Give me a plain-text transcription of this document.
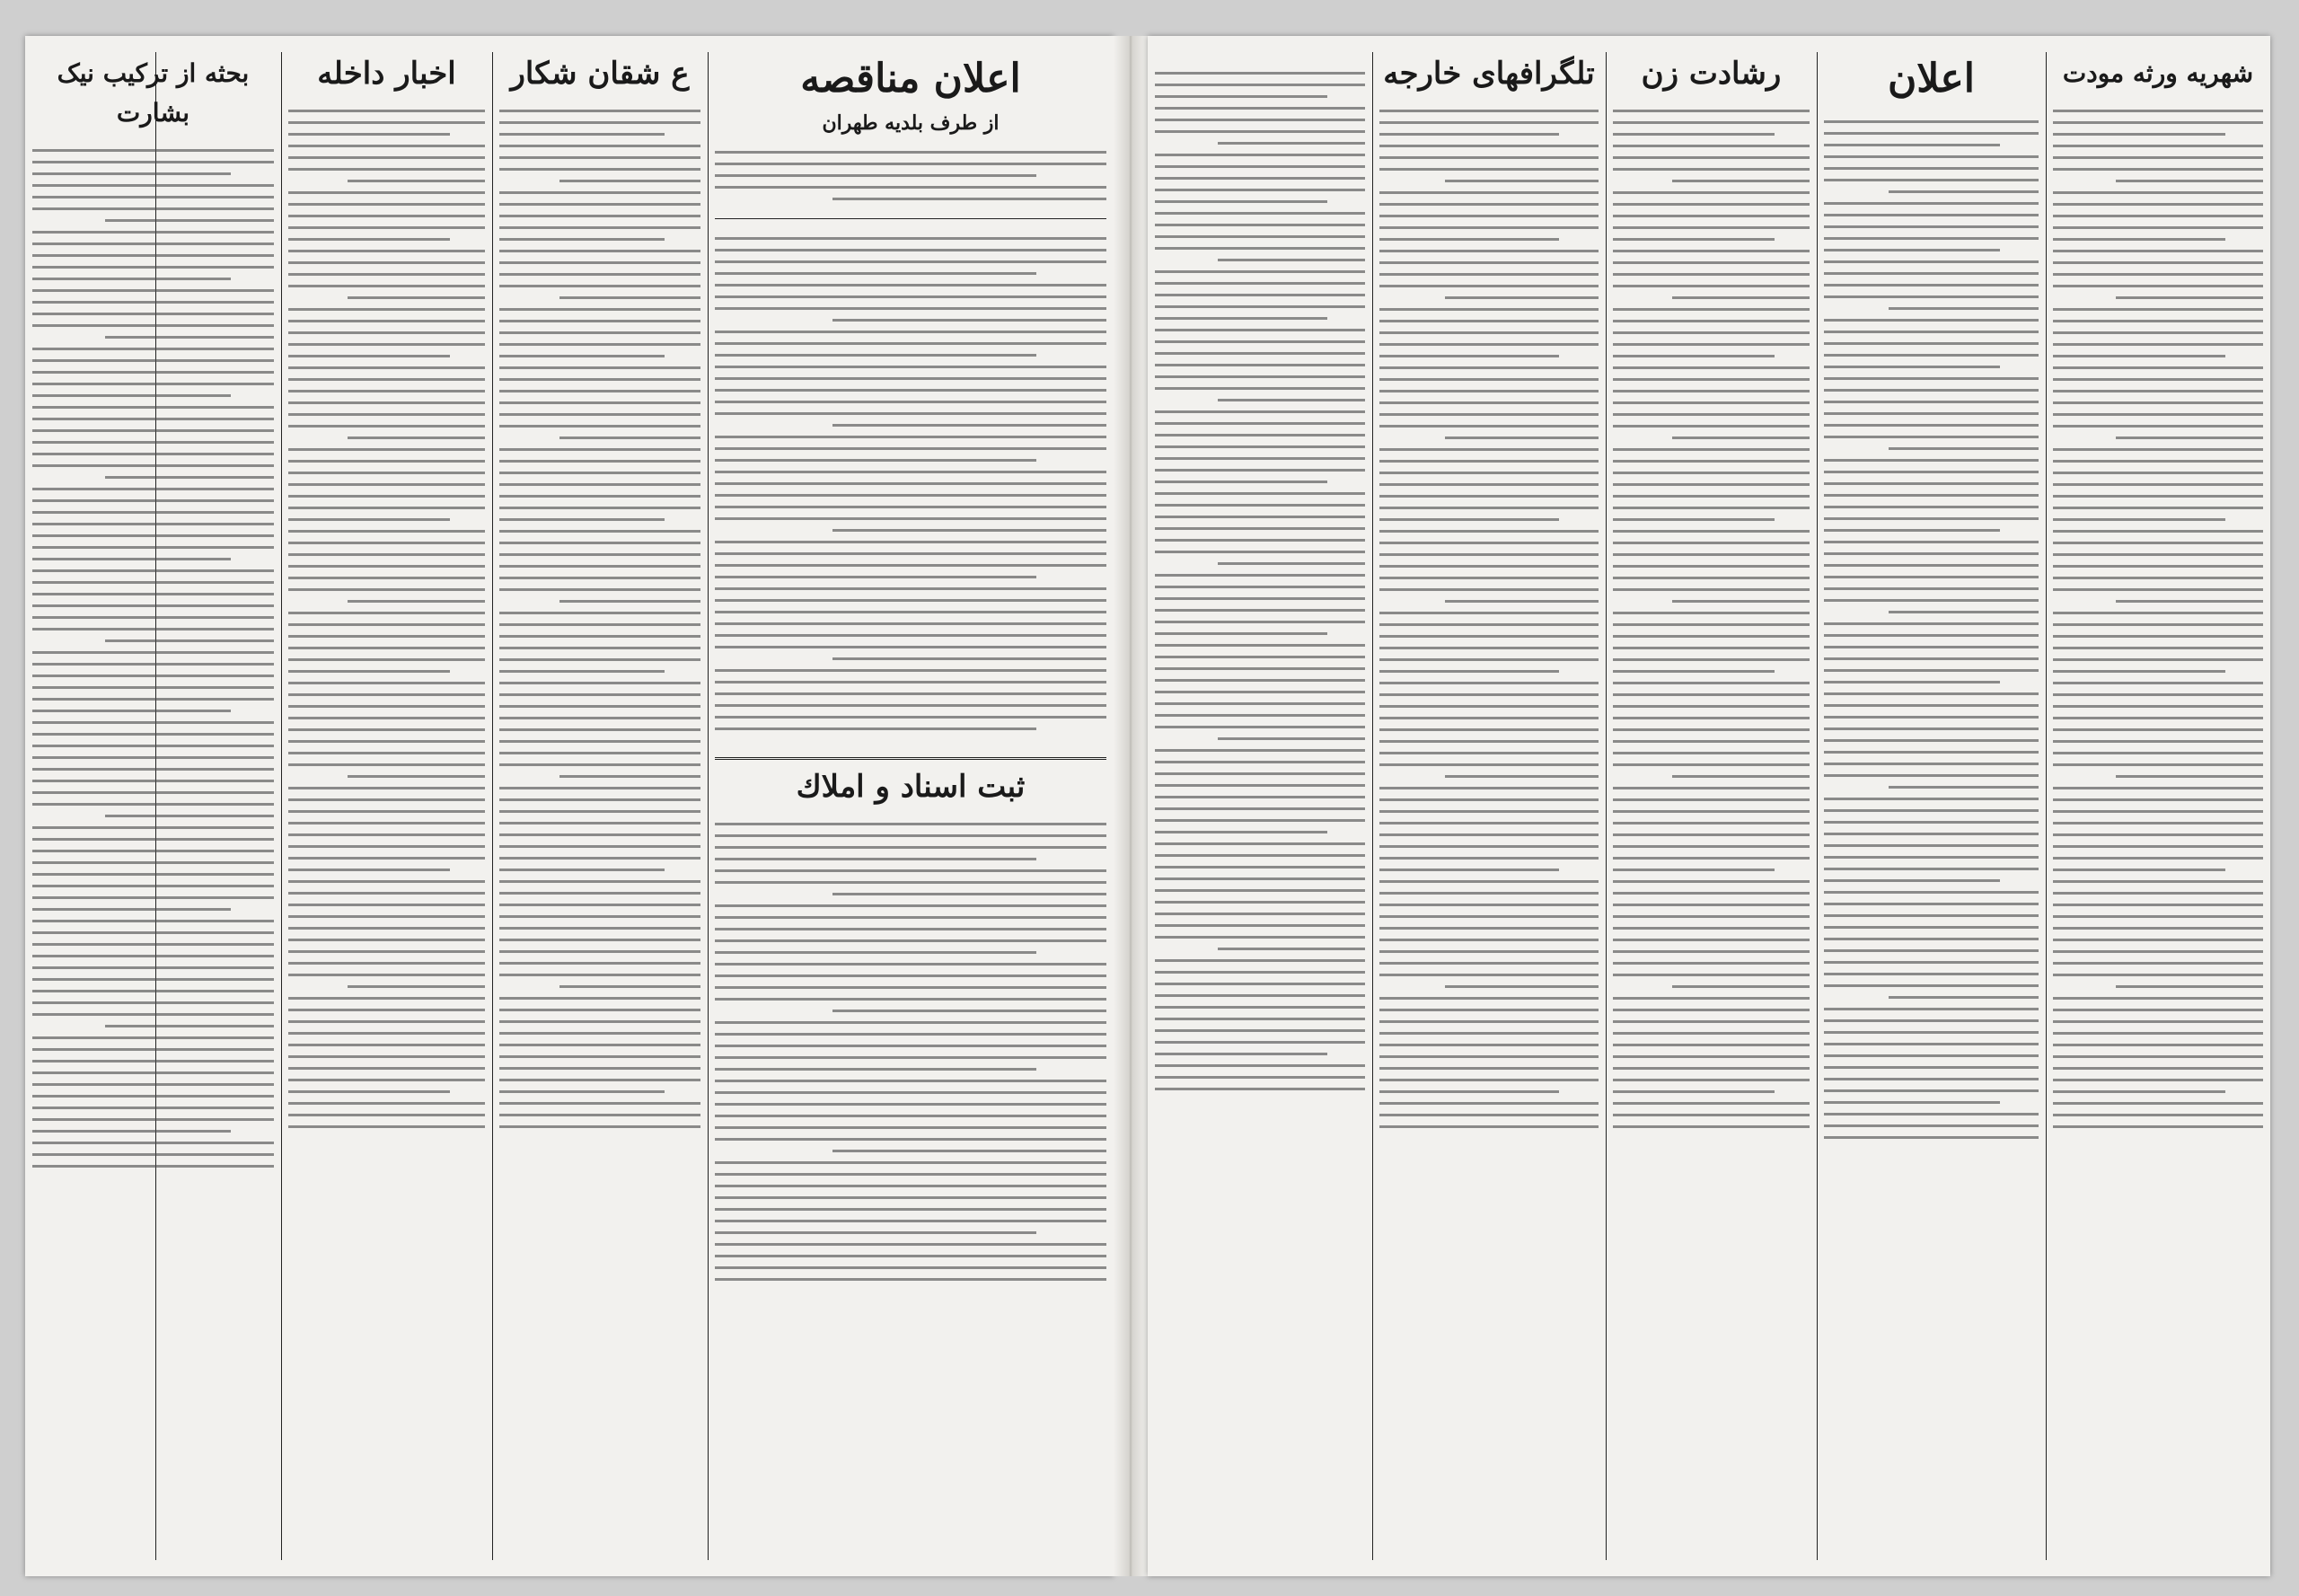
اعلان مناقصه
از طرف بلدیه طهران
ثبت اسناد و املاك
ع شقان شكار
اخبار داخله
بحثه از ترکیب نیک بشارت
شهریه ورثه مودت
اعلان
رشادت زن
تلگرافهای خارجه
